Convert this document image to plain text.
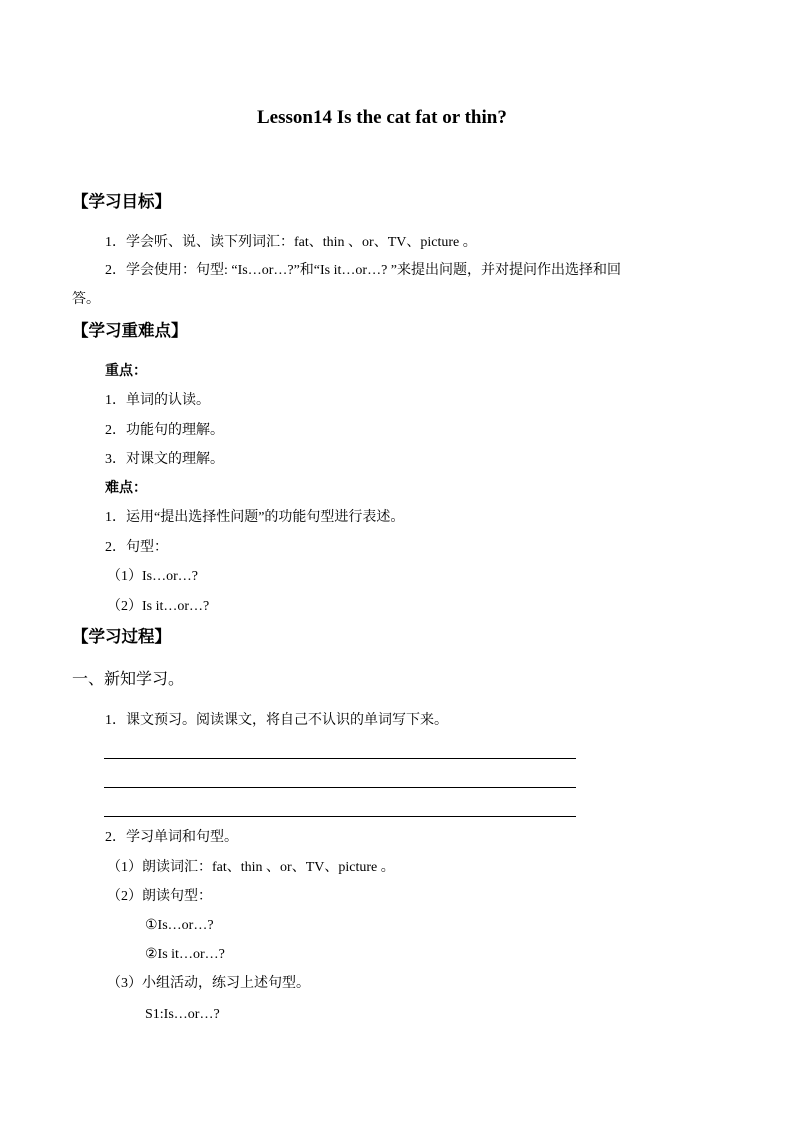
Lesson14 Is the cat fat or thin?
【学习目标】
1．学会听、说、读下列词汇：fat、thin 、or、TV、picture 。
2．学会使用：句型: “Is…or…?”和“Is it…or…? ”来提出问题，并对提问作出选择和回
答。
【学习重难点】
重点：
1．单词的认读。
2．功能句的理解。
3．对课文的理解。
难点：
1．运用“提出选择性问题”的功能句型进行表述。
2．句型：
（1）Is…or…?
（2）Is it…or…?
【学习过程】
一、新知学习。
1．课文预习。阅读课文，将自己不认识的单词写下来。
2．学习单词和句型。
（1）朗读词汇：fat、thin 、or、TV、picture 。
（2）朗读句型：
①Is…or…?
②Is it…or…?
（3）小组活动，练习上述句型。
S1:Is…or…?
